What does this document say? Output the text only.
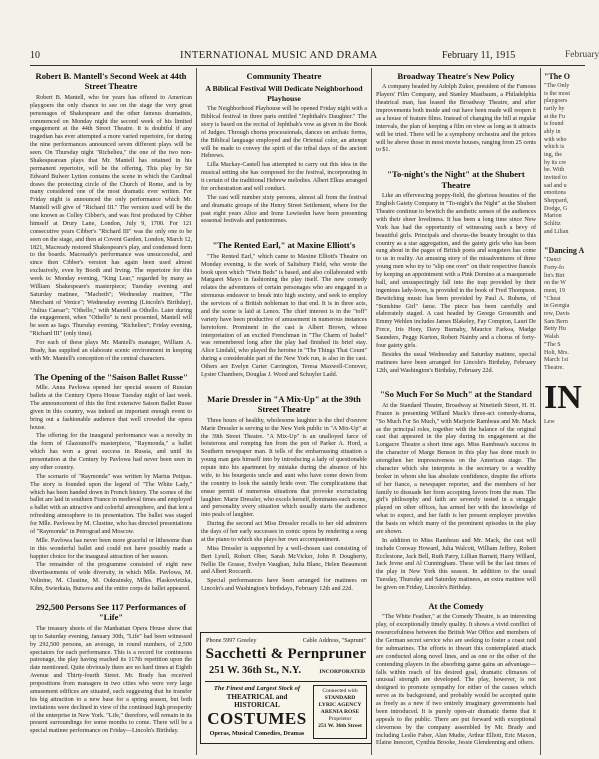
10	INTERNATIONAL MUSIC AND DRAMA	February 11, 1915	February
Robert B. Mantell's Second Week at 44th Street Theatre

Robert B. Mantell, who for years has offered to American playgoers the only chance to see on the stage the very great personages of Shakespeare and the other famous dramatists, commenced on Monday night the second week of his limited engagement at the 44th Street Theatre. It is doubtful if any tragedian has ever attempted a more varied repertoire, for during the nine performances announced seven different plays will be seen. On Thursday night "Richelieu," the one of the two non-Shakespearean plays that Mr. Mantell has retained in his permanent repertoire, will be the offering. This play by Sir Edward Bulwer Lytton contains the scene in which the Cardinal draws the protecting circle of the Church of Rome, and is by many considered one of the most dramatic ever written. For Friday night is announced the only performance which Mr. Mantell will give of "Richard III." The version used will be the one known as Colley Cibber's, and was first produced by Cibber himself at Drury Lane, London, July 9, 1700. For 121 consecutive years Cibber's "Richard III" was the only one to be seen on the stage, and then at Covent Garden, London, March 12, 1821, Macready restored Shakespeare's play, and condensed form to the boards. Macready's performance was unsuccessful, and since then Cibber's version has again been used almost exclusively, even by Booth and Irving. The repertoire for this week is: Monday evening, "King Lear," regarded by many as William Shakespeare's masterpiece; Tuesday evening and Saturday matinee, "Macbeth"; Wednesday matinee, "The Merchant of Venice"; Wednesday evening (Lincoln's Birthday), "Julius Caesar"; "Othello," with Mantell as Othello. Later during the engagement, when "Othello" is next presented, Mantell will be seen as Iago. Thursday evening, "Richelieu"; Friday evening, "Richard III" (only time).

For each of these plays Mr. Mantell's manager, William A. Brady, has supplied an elaborate scenic environment in keeping with Mr. Mantell's conception of the central characters.

The Opening of the "Saison Ballet Russe"

Mlle. Anna Pavlowa opened her special season of Russian ballets at the Century Opera House Tuesday night of last week. The announcement of this the first extensive Saison Ballet Russe given in this country, was indeed an important enough event to bring out a fashionable audience that well crowded the opera house.

The offering for the inaugural performance was a novelty in the form of Glazounoff's masterpiece, "Raymonda," a ballet which has won a great success in Russia, and until its presentation at the Century by Pavlowa had never been seen in any other country.

The scenario of "Raymonda" was written by Marius Petipas. The story is founded upon the legend of "The White Lady," which has been handed down in French history. The scenes of the ballet are laid in southern France in medieval times and employed a ballet with an attractive and colorful atmosphere, and that lent a refreshing atmosphere to its presentation. The ballet was staged for Mlle. Pavlowa by M. Clustine, who has directed presentations of "Raymonda" in Petrograd and Moscow.

Mlle. Pavlowa has never been more graceful or lithesome than in this wonderful ballet and could not have possibly made a happier choice for the inaugural attraction of her season.

The remainder of the programme consisted of eight new divertissements of wide diversity, in which Mlle. Pavlowa, M. Volinine, M. Clustine, M. Oukrainsky, Mlles. Plaskovietzka, Kihn, Swierkaia, Butsova and the entire corps de ballet appeared.

292,500 Persons See 117 Performances of "Life"

The treasury sheets of the Manhattan Opera House show that up to Saturday evening, January 30th, "Life" had been witnessed by 292,500 persons, an average, in round numbers, of 2,500 spectators for each performance. This is a record for continuous patronage, the play having reached its 117th repetition upon the date mentioned. Quite obviously there are no hard times at Eighth Avenue and Thirty-fourth Street. Mr. Brady has received propositions from managers in two cities who were very large amusement edifices are situated, each suggesting that he transfer his big attraction to a new base for a spring season, but both invitations were declined in view of the continued high prosperity of the enterprise in New York. "Life," therefore, will remain in its present surroundings for some months to come. There will be a special matinee performance on Friday—Lincoln's Birthday.

Community Theatre
A Biblical Festival Will Dedicate Neighborhood Playhouse

The Neighborhood Playhouse will be opened Friday night with a Biblical festival in three parts entitled "Jephthah's Daughter." The story is based on the recital of Jephthah's vow as given in the Book of Judges. Through chorus processionals, dances on archaic forms, the Biblical language employed and the Oriental color, an attempt will be made to convey the spirit of the tribal days of the ancient Hebrews.

Lilla Mackay-Cantell has attempted to carry out this idea in the musical setting she has composed for the festival, incorporating in it certain of the traditional Hebrew melodies. Albert Elkus arranged for orchestration and will conduct.

The cast will number sixty persons, almost all from the festival and dramatic groups of the Henry Street Settlement, where for the past eight years Alice and Irene Lewisohn have been presenting seasonal festivals and pantomimes.

"The Rented Earl," at Maxine Elliott's

"The Rented Earl," which came to Maxine Elliott's Theatre on Monday evening, is the work of Salisbury Field, who wrote the book upon which "Twin Beds" is based, and also collaborated with Margaret Mayo in fashioning the play itself. The new comedy relates the adventures of certain personages who are engaged in a strenuous endeavor to break into high society, and seek to employ the services of a British nobleman to that end. It is in three acts, and the scene is laid at Lenox. The chief interest is in the "toff" variety have been productive of amusement in numerous instances heretofore. Prominent in the cast is Albert Brown, whose interpretation of an excited Frenchman in "The Charm of Isabel" was remembered long after the play had finished its brief stay. Alice Lindahl, who played the heroine in "The Things That Count" during a considerable part of the New York run, is also in the cast. Others are Evelyn Carter Carrington, Teresa Maxwell-Conover, Lyster Chambers, Douglas J. Wood and Schuyler Ladd.

Marie Dressler in "A Mix-Up" at the 39th Street Theatre

Three hours of healthy, wholesome laughter is the chef d'oeuvre Marie Dressler is serving to the New York public in "A Mix-Up" at the 39th Street Theatre. "A Mix-Up" is an unalloyed farce of boisterous and romping fun from the pen of Parker A. Hord, a Southern newspaper man. It tells of the embarrassing situation a young man gets himself into by introducing a lady of questionable repute into his apartment by mistake during the absence of his wife, to his bourgeois uncle and aunt who have come down from the country to look the saintly bride over. The complications that ensue permit of numerous situations that provoke excruciating laughter. Marie Dressler, who excels herself, dominates each scene, and personality every situation which usually starts the audience into peals of laughter.

During the second act Miss Dressler recalls to her old admirers the days of her early successes in comic opera by rendering a song at the piano to which she plays her own accompaniment.

Miss Dressler is supported by a well-chosen cast consisting of Bert Lytell, Robert Ober, Sarah McVicker, John P. Dougherty, Nellie De Grasse, Evelyn Vaughan, Julia Blanc, Helen Beaumont and Albert Roccardi.

Special performances have been arranged for matinees on Lincoln's and Washington's birthdays, February 12th and 22d.

Phone 5997 Greeley	Cable Address, "Saprunt"
Sacchetti & Pernpruner
251 W. 36th St., N.Y.	INCORPORATED
The Finest and Largest Stock of
THEATRICAL and HISTORICAL
COSTUMES
Operas, Musical Comedies, Dramas
Connected with
STANDARD
LYRIC AGENCY
ARENIA ROSE
Proprietor
251 W. 36th Street
Broadway Theatre's New Policy

A company headed by Adolph Zukor, president of the Famous Players' Film Company, and Stanley Mastbaum, a Philadelphia theatrical man, has leased the Broadway Theatre, and after improvements both inside and out have been made will reopen it as a house of feature films. Instead of changing the bill at regular intervals, the plan of keeping a film on view as long as it attracts will be tried. There will be a symphony orchestra and the prices will be above those in most movie houses, ranging from 25 cents to $1.

"To-night's the Night" at the Shubert Theatre

Like an effervescing poppy-field, the glorious beauties of the English Gaiety Company in "To-night's the Night" at the Shubert Theatre continue to bewitch the aesthetic senses of the audiences with their sheer loveliness. It has been a long time since New York has had the opportunity of witnessing such a bevy of beautiful girls. Principals and chorus-the beauty brought to this country as a star aggregation, and the gaiety girls who has been sung about in the pages of British poets and songsters has come to us in reality. An amusing story of the misadventures of three young men who try to "slip one over" on their respective fiancés by keeping an appointment with a Pink Domino at a masquerade ball, and unsuspectingly fall into the trap provided by their ingenious lady-loves, is provided in the book of Fred Thompson. Bewitching music has been provided by Paul A. Rubens, of "Sunshine Girl" fame. The piece has been carefully and elaborately staged. A cast headed by George Grossmith and Emmy Wehlen includes James Blakeley, Fay Compton, Lauri De Frece, Iris Hoey, Davy Burnaby, Maurice Farkoa, Madge Saunders, Peggy Kurton, Robert Nainby and a chorus of forty-four gaiety girls.

Besides the usual Wednesday and Saturday matinee, special matinees have been arranged for Lincoln's Birthday, February 12th, and Washington's Birthday, February 22d.

"So Much For So Much" at the Standard

At the Standard Theatre, Broadway at Ninetieth Street, H. H. Frazee is presenting Willard Mack's three-act comedy-drama, "So Much For So Much," with Marjorie Rambeau and Mr. Mack as the principal roles, together with the balance of the original cast that appeared in the play during its engagement at the Longacre Theatre a short time ago. Miss Rambeau's success in the character of Marge Benson in this play has done much to strengthen her impressiveness on the American stage. The character which she interprets is the secretary to a wealthy broker in whom she has absolute confidence, despite the efforts of her fiance, a newspaper reporter, and the members of her family to dissuade her from accepting favors from the man. The girl's philosophy and faith are severely tested in a struggle played on other offices, has armed her with the knowledge of what to expect, and her faith is her present employer provides the basis on which many of the prominent episodes in the play are shown.

In addition to Miss Rambeau and Mr. Mack, the cast will include Conway Howard, Julia Walcott, William Jeffrey, Robert Ecclestone, Jack Bell, Ruth Parry, Lillian Barnett, Harry Willard, Jack Jevne and Al Cunningham. These will be the last times of the play in New York this season. In addition to the usual Tuesday, Thursday and Saturday matinees, an extra matinee will be given on Friday, Lincoln's Birthday.

At the Comedy

"The White Feather," at the Comedy Theatre, is an interesting play, of exceptionally timely quality. It shows a vivid conflict of resourcefulness between the British War Office and members of the German secret service who are seeking to foster a coast raid for submarines. The efforts to thwart this contemplated attack are conducted along novel lines, and as one or the other of the contending players in the absorbing game gains an advantage—falls within reach of his desired goal, dramatic climaxes of unusual strength are developed. The play, however, is not designed to promote sympathy for either of the causes which serve as its background, and probably would be accepted quite as freely as a new if two entirely imaginary governments had been introduced. It is purely open-air dramatic theme that it appeals to the public. There are put forward with exceptional cleverness by the company assembled by Mr. Brady and including Leslie Faber, Alan Mudie, Arthur Elliott, Eric Maxon, Elaine Inescort, Cynthia Brooke, Jessie Glendenning and others.

"The O
"The Only
is the most
playgoers
rarily by
at the Fu
is found
ably in
with who
which is
ing, the
by its cre
be. With
invited to
sad and u
emotions
Sheppard,
Dodge, G
Marion
Schlitz
and Lilian
"Dancing A
"Danci
Forty-fo
lin's Birt
on the W
ment, 19
"Cheat
in Georgia
rew, Davis
Sam Bern
Betty Hu
Walsh
"The S
Holt, Mrs.
March 1st
Theatre.
IN
Lew
